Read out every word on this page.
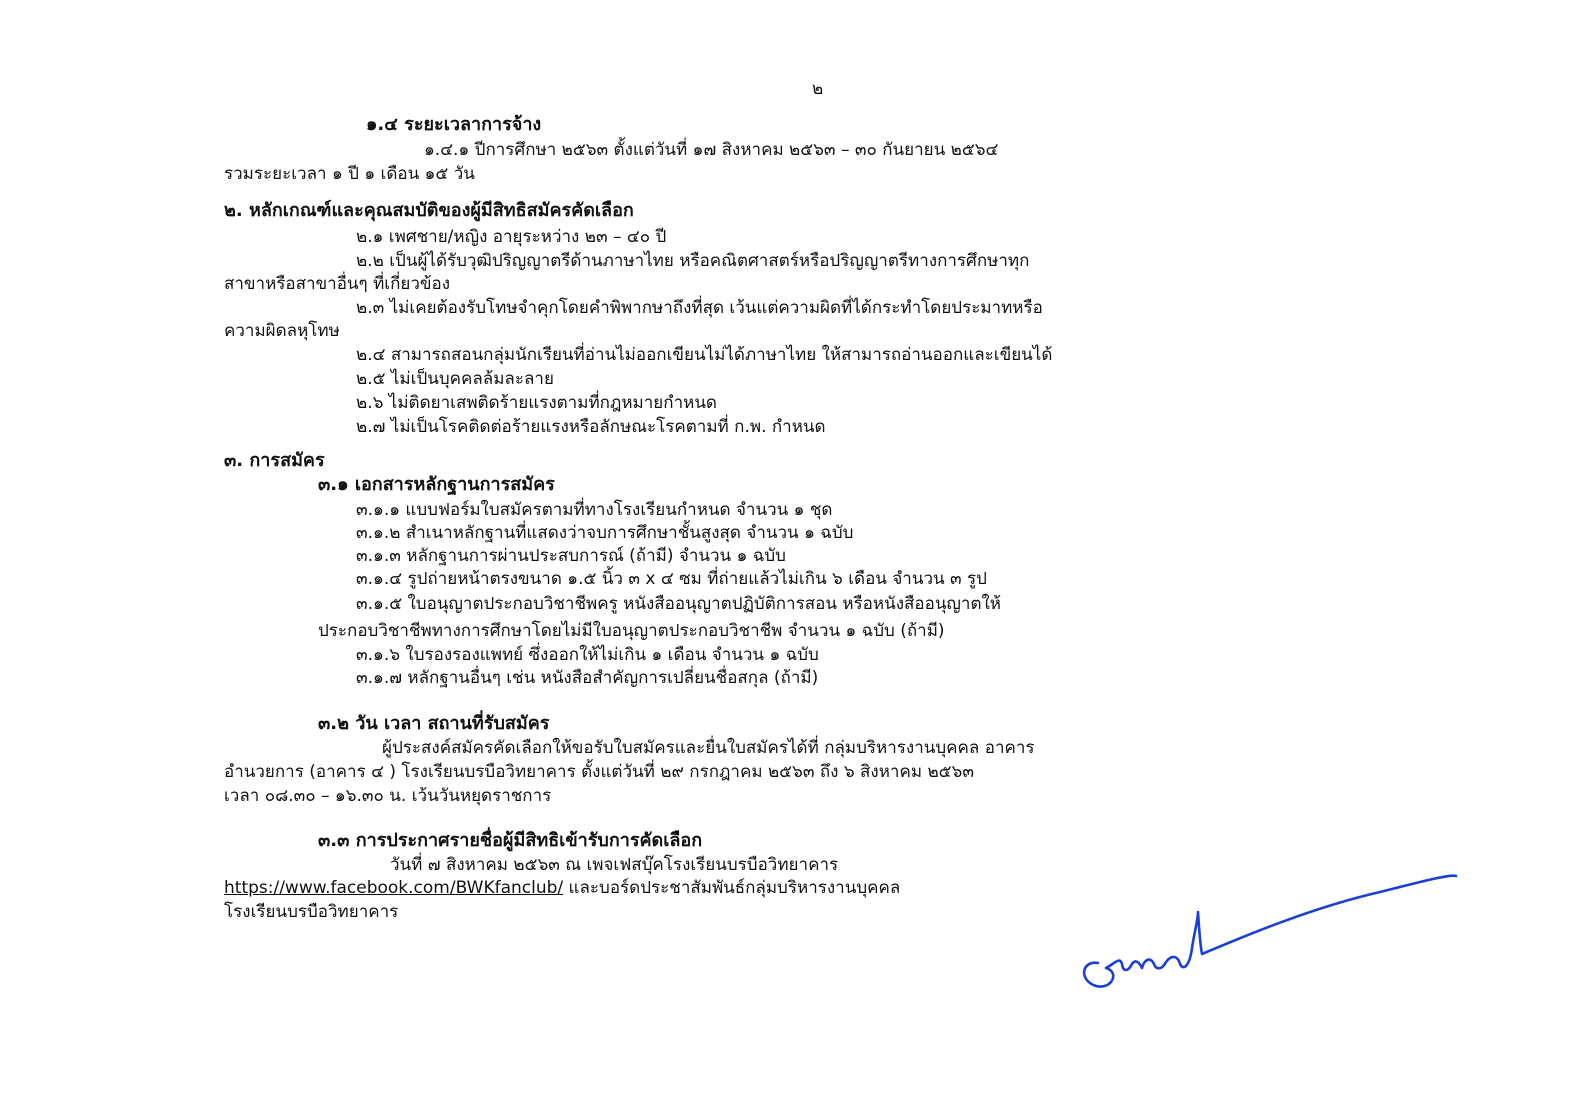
๒
๑.๔ ระยะเวลาการจ้าง
๑.๔.๑ ปีการศึกษา ๒๕๖๓ ตั้งแต่วันที่ ๑๗ สิงหาคม ๒๕๖๓ – ๓๐ กันยายน ๒๕๖๔
รวมระยะเวลา ๑ ปี ๑ เดือน ๑๕ วัน
๒. หลักเกณฑ์และคุณสมบัติของผู้มีสิทธิสมัครคัดเลือก
๒.๑ เพศชาย/หญิง อายุระหว่าง ๒๓ – ๔๐ ปี
๒.๒ เป็นผู้ได้รับวุฒิปริญญาตรีด้านภาษาไทย หรือคณิตศาสตร์หรือปริญญาตรีทางการศึกษาทุก
สาขาหรือสาขาอื่นๆ ที่เกี่ยวข้อง
๒.๓ ไม่เคยต้องรับโทษจำคุกโดยคำพิพากษาถึงที่สุด เว้นแต่ความผิดที่ได้กระทำโดยประมาทหรือ
ความผิดลหุโทษ
๒.๔ สามารถสอนกลุ่มนักเรียนที่อ่านไม่ออกเขียนไม่ได้ภาษาไทย ให้สามารถอ่านออกและเขียนได้
๒.๕ ไม่เป็นบุคคลล้มละลาย
๒.๖ ไม่ติดยาเสพติดร้ายแรงตามที่กฎหมายกำหนด
๒.๗ ไม่เป็นโรคติดต่อร้ายแรงหรือลักษณะโรคตามที่ ก.พ. กำหนด
๓. การสมัคร
๓.๑ เอกสารหลักฐานการสมัคร
๓.๑.๑ แบบฟอร์มใบสมัครตามที่ทางโรงเรียนกำหนด จำนวน ๑ ชุด
๓.๑.๒ สำเนาหลักฐานที่แสดงว่าจบการศึกษาชั้นสูงสุด จำนวน ๑ ฉบับ
๓.๑.๓ หลักฐานการผ่านประสบการณ์ (ถ้ามี) จำนวน ๑ ฉบับ
๓.๑.๔ รูปถ่ายหน้าตรงขนาด ๑.๕ นิ้ว ๓ x ๔ ซม ที่ถ่ายแล้วไม่เกิน ๖ เดือน จำนวน ๓ รูป
๓.๑.๕ ใบอนุญาตประกอบวิชาชีพครู หนังสืออนุญาตปฏิบัติการสอน หรือหนังสืออนุญาตให้
ประกอบวิชาชีพทางการศึกษาโดยไม่มีใบอนุญาตประกอบวิชาชีพ จำนวน ๑ ฉบับ (ถ้ามี)
๓.๑.๖ ใบรองรองแพทย์ ซึ่งออกให้ไม่เกิน ๑ เดือน จำนวน ๑ ฉบับ
๓.๑.๗ หลักฐานอื่นๆ เช่น หนังสือสำคัญการเปลี่ยนชื่อสกุล (ถ้ามี)
๓.๒ วัน เวลา สถานที่รับสมัคร
ผู้ประสงค์สมัครคัดเลือกให้ขอรับใบสมัครและยื่นใบสมัครได้ที่ กลุ่มบริหารงานบุคคล อาคาร
อำนวยการ (อาคาร ๔ ) โรงเรียนบรบือวิทยาคาร ตั้งแต่วันที่ ๒๙ กรกฎาคม ๒๕๖๓ ถึง ๖ สิงหาคม ๒๕๖๓
เวลา ๐๘.๓๐ – ๑๖.๓๐ น. เว้นวันหยุดราชการ
๓.๓ การประกาศรายชื่อผู้มีสิทธิเข้ารับการคัดเลือก
วันที่ ๗ สิงหาคม ๒๕๖๓ ณ เพจเฟสบุ๊คโรงเรียนบรบือวิทยาคาร
https://www.facebook.com/BWKfanclub/ และบอร์ดประชาสัมพันธ์กลุ่มบริหารงานบุคคล
โรงเรียนบรบือวิทยาคาร
